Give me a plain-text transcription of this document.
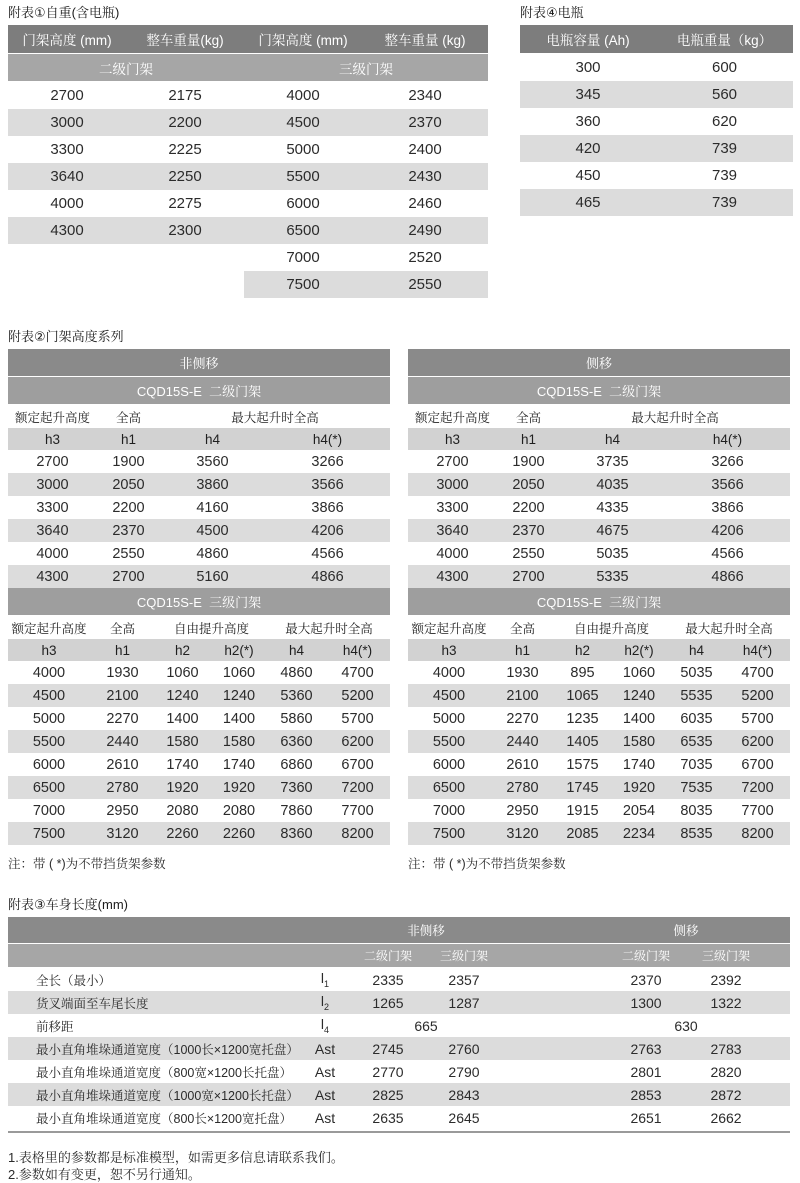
附表①自重(含电瓶)
门架高度 (mm)	整车重量(kg)	门架高度 (mm)	整车重量 (kg)
二级门架		三级门架	
2700	2175	4000	2340
3000	2200	4500	2370
3300	2225	5000	2400
3640	2250	5500	2430
4000	2275	6000	2460
4300	2300	6500	2490
		7000	2520
		7500	2550
附表④电瓶
电瓶容量 (Ah)	电瓶重量（kg）
300	600
345	560
360	620
420	739
450	739
465	739
附表②门架高度系列
非侧移			
CQD15S-E  二级门架			
额定起升高度	全高	最大起升时全高	
h3	h1	h4	h4(*)
2700	1900	3560	3266
3000	2050	3860	3566
3300	2200	4160	3866
3640	2370	4500	4206
4000	2550	4860	4566
4300	2700	5160	4866
CQD15S-E  三级门架					
额定起升高度	全高	自由提升高度		最大起升时全高	
h3	h1	h2	h2(*)	h4	h4(*)
4000	1930	1060	1060	4860	4700
4500	2100	1240	1240	5360	5200
5000	2270	1400	1400	5860	5700
5500	2440	1580	1580	6360	6200
6000	2610	1740	1740	6860	6700
6500	2780	1920	1920	7360	7200
7000	2950	2080	2080	7860	7700
7500	3120	2260	2260	8360	8200
注：带 ( *)为不带挡货架参数
侧移			
CQD15S-E  二级门架			
额定起升高度	全高	最大起升时全高	
h3	h1	h4	h4(*)
2700	1900	3735	3266
3000	2050	4035	3566
3300	2200	4335	3866
3640	2370	4675	4206
4000	2550	5035	4566
4300	2700	5335	4866
CQD15S-E  三级门架					
额定起升高度	全高	自由提升高度		最大起升时全高	
h3	h1	h2	h2(*)	h4	h4(*)
4000	1930	895	1060	5035	4700
4500	2100	1065	1240	5535	5200
5000	2270	1235	1400	6035	5700
5500	2440	1405	1580	6535	6200
6000	2610	1575	1740	7035	6700
6500	2780	1745	1920	7535	7200
7000	2950	1915	2054	8035	7700
7500	3120	2085	2234	8535	8200
注：带 ( *)为不带挡货架参数
附表③车身长度(mm)
		非侧移			侧移		
		二级门架	三级门架		二级门架	三级门架	
全长（最小）	$l_1$	2335	2357		2370	2392	
货叉端面至车尾长度	$l_2$	1265	1287		1300	1322	
前移距	$l_4$	665			630		
最小直角堆垛通道宽度（1000长×1200宽托盘）	Ast	2745	2760		2763	2783	
最小直角堆垛通道宽度（800宽×1200长托盘）	Ast	2770	2790		2801	2820	
最小直角堆垛通道宽度（1000宽×1200长托盘）	Ast	2825	2843		2853	2872	
最小直角堆垛通道宽度（800长×1200宽托盘）	Ast	2635	2645		2651	2662	
1.表格里的参数都是标准模型，如需更多信息请联系我们。
2.参数如有变更，恕不另行通知。
